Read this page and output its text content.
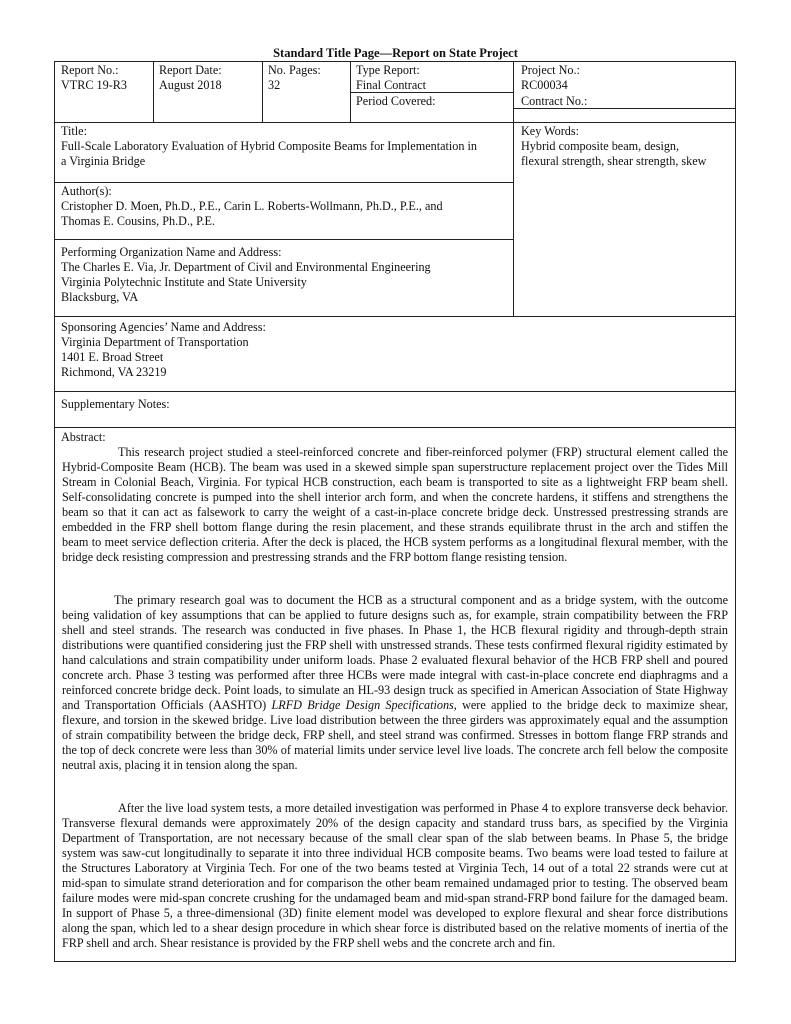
Standard Title Page—Report on State Project
Report No.:
VTRC 19-R3
Report Date:
August 2018
No. Pages:
32
Type Report:
Final Contract
Period Covered:
Project No.:
RC00034
Contract No.:
Title:
Full-Scale Laboratory Evaluation of Hybrid Composite Beams for Implementation in
a Virginia Bridge
Key Words:
Hybrid composite beam, design,
flexural strength, shear strength, skew
Author(s):
Cristopher D. Moen, Ph.D., P.E., Carin L. Roberts-Wollmann, Ph.D., P.E., and
Thomas E. Cousins, Ph.D., P.E.
Performing Organization Name and Address:
The Charles E. Via, Jr. Department of Civil and Environmental Engineering
Virginia Polytechnic Institute and State University
Blacksburg, VA
Sponsoring Agencies’ Name and Address:
Virginia Department of Transportation
1401 E. Broad Street
Richmond, VA 23219
Supplementary Notes:
Abstract:

This research project studied a steel-reinforced concrete and fiber-reinforced polymer (FRP) structural element called the Hybrid-Composite Beam (HCB). The beam was used in a skewed simple span superstructure replacement project over the Tides Mill Stream in Colonial Beach, Virginia. For typical HCB construction, each beam is transported to site as a lightweight FRP beam shell. Self-consolidating concrete is pumped into the shell interior arch form, and when the concrete hardens, it stiffens and strengthens the beam so that it can act as falsework to carry the weight of a cast-in-place concrete bridge deck. Unstressed prestressing strands are embedded in the FRP shell bottom flange during the resin placement, and these strands equilibrate thrust in the arch and stiffen the beam to meet service deflection criteria. After the deck is placed, the HCB system performs as a longitudinal flexural member, with the bridge deck resisting compression and prestressing strands and the FRP bottom flange resisting tension.

The primary research goal was to document the HCB as a structural component and as a bridge system, with the outcome being validation of key assumptions that can be applied to future designs such as, for example, strain compatibility between the FRP shell and steel strands. The research was conducted in five phases. In Phase 1, the HCB flexural rigidity and through-depth strain distributions were quantified considering just the FRP shell with unstressed strands. These tests confirmed flexural rigidity estimated by hand calculations and strain compatibility under uniform loads. Phase 2 evaluated flexural behavior of the HCB FRP shell and poured concrete arch. Phase 3 testing was performed after three HCBs were made integral with cast-in-place concrete end diaphragms and a reinforced concrete bridge deck. Point loads, to simulate an HL-93 design truck as specified in American Association of State Highway and Transportation Officials (AASHTO) LRFD Bridge Design Specifications, were applied to the bridge deck to maximize shear, flexure, and torsion in the skewed bridge. Live load distribution between the three girders was approximately equal and the assumption of strain compatibility between the bridge deck, FRP shell, and steel strand was confirmed. Stresses in bottom flange FRP strands and the top of deck concrete were less than 30% of material limits under service level live loads. The concrete arch fell below the composite neutral axis, placing it in tension along the span.

After the live load system tests, a more detailed investigation was performed in Phase 4 to explore transverse deck behavior. Transverse flexural demands were approximately 20% of the design capacity and standard truss bars, as specified by the Virginia Department of Transportation, are not necessary because of the small clear span of the slab between beams. In Phase 5, the bridge system was saw-cut longitudinally to separate it into three individual HCB composite beams. Two beams were load tested to failure at the Structures Laboratory at Virginia Tech. For one of the two beams tested at Virginia Tech, 14 out of a total 22 strands were cut at mid-span to simulate strand deterioration and for comparison the other beam remained undamaged prior to testing. The observed beam failure modes were mid-span concrete crushing for the undamaged beam and mid-span strand-FRP bond failure for the damaged beam. In support of Phase 5, a three-dimensional (3D) finite element model was developed to explore flexural and shear force distributions along the span, which led to a shear design procedure in which shear force is distributed based on the relative moments of inertia of the FRP shell and arch. Shear resistance is provided by the FRP shell webs and the concrete arch and fin.
